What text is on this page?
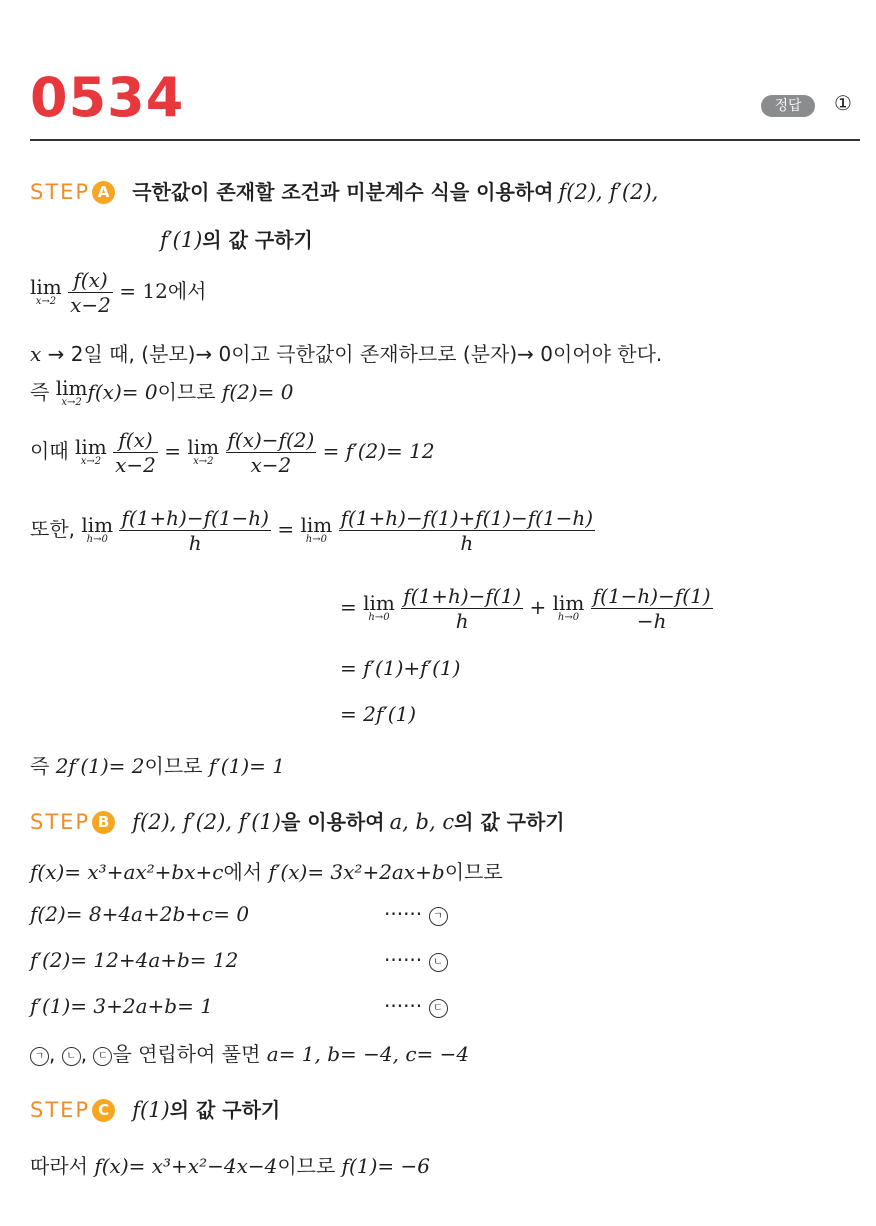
0534	정답	①
STEP A 극한값이 존재할 조건과 미분계수 식을 이용하여 f(2), f′(2),
f′(1)의 값 구하기
lim
x→2
$\frac{f(x)}{x-2} = 12$에서
x → 2일 때, (분모)→ 0이고 극한값이 존재하므로 (분자)→ 0이어야 한다.
즉 lim
x→2 f(x)= 0이므로 f(2)= 0
이때 lim
x→2
$\frac{f(x)}{x-2} = \lim$
x→2
$\frac{f(x)-f(2)}{x-2} = f'(2)= 12$
또한, lim
h→0
$\frac{f(1+h)-f(1-h)}{h} = \lim$
h→0
$\frac{f(1+h)-f(1)+f(1)-f(1-h)}{h}$
= lim
h→0
$\frac{f(1+h)-f(1)}{h} + \lim$
h→0
$\frac{f(1-h)-f(1)}{-h}$
= f′(1)+f′(1)
= 2f′(1)
즉 2f′(1)= 2이므로 f′(1)= 1
STEP B f(2), f′(2), f′(1)을 이용하여 a, b, c의 값 구하기
f(x)= x³+ax²+bx+c에서 f′(x)= 3x²+2ax+b이므로
f(2)= 8+4a+2b+c= 0	······ ㄱ
f′(2)= 12+4a+b= 12	······ ㄴ
f′(1)= 3+2a+b= 1	······ ㄷ
ㄱ , ㄴ , ㄷ 을 연립하여 풀면 a= 1, b= −4, c= −4
STEP C f(1)의 값 구하기
따라서 f(x)= x³+x²−4x−4이므로 f(1)= −6
